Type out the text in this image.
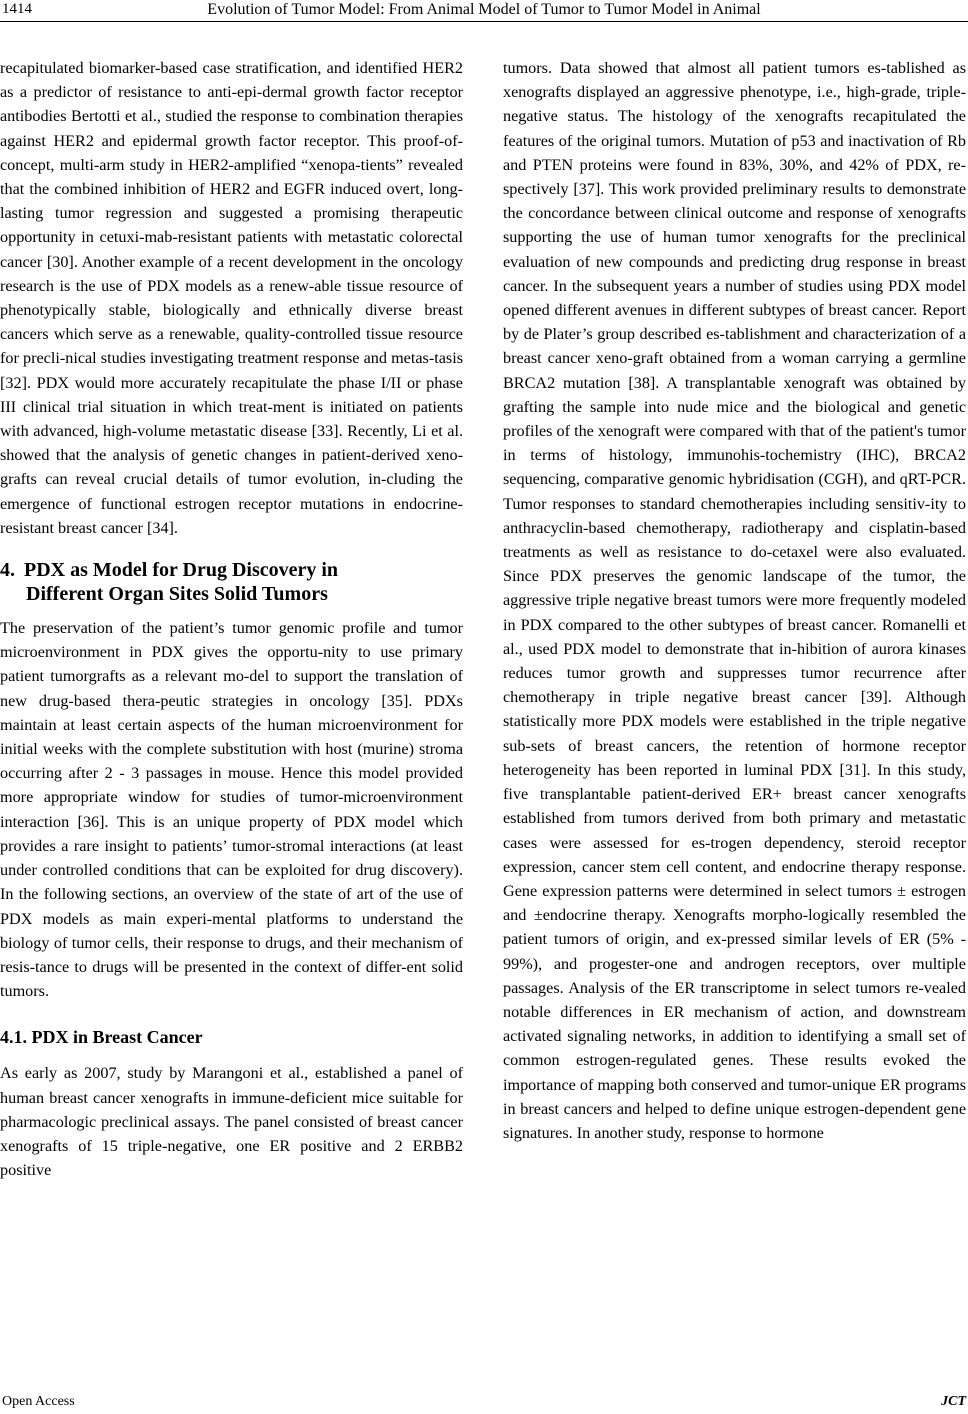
1414	Evolution of Tumor Model: From Animal Model of Tumor to Tumor Model in Animal

recapitulated biomarker-based case stratification, and identified HER2 as a predictor of resistance to anti-epi-dermal growth factor receptor antibodies Bertotti et al., studied the response to combination therapies against HER2 and epidermal growth factor receptor. This proof-of-concept, multi-arm study in HER2-amplified “xenopa-tients” revealed that the combined inhibition of HER2 and EGFR induced overt, long-lasting tumor regression and suggested a promising therapeutic opportunity in cetuxi-mab-resistant patients with metastatic colorectal cancer [30]. Another example of a recent development in the oncology research is the use of PDX models as a renew-able tissue resource of phenotypically stable, biologically and ethnically diverse breast cancers which serve as a renewable, quality-controlled tissue resource for precli-nical studies investigating treatment response and metas-tasis [32]. PDX would more accurately recapitulate the phase I/II or phase III clinical trial situation in which treat-ment is initiated on patients with advanced, high-volume metastatic disease [33]. Recently, Li et al. showed that the analysis of genetic changes in patient-derived xeno-grafts can reveal crucial details of tumor evolution, in-cluding the emergence of functional estrogen receptor mutations in endocrine-resistant breast cancer [34].

4. PDX as Model for Drug Discovery in
Different Organ Sites Solid Tumors

The preservation of the patient’s tumor genomic profile and tumor microenvironment in PDX gives the opportu-nity to use primary patient tumorgrafts as a relevant mo-del to support the translation of new drug-based thera-peutic strategies in oncology [35]. PDXs maintain at least certain aspects of the human microenvironment for initial weeks with the complete substitution with host (murine) stroma occurring after 2 - 3 passages in mouse. Hence this model provided more appropriate window for studies of tumor-microenvironment interaction [36]. This is an unique property of PDX model which provides a rare insight to patients’ tumor-stromal interactions (at least under controlled conditions that can be exploited for drug discovery). In the following sections, an overview of the state of art of the use of PDX models as main experi-mental platforms to understand the biology of tumor cells, their response to drugs, and their mechanism of resis-tance to drugs will be presented in the context of differ-ent solid tumors.

4.1. PDX in Breast Cancer

As early as 2007, study by Marangoni et al., established a panel of human breast cancer xenografts in immune-deficient mice suitable for pharmacologic preclinical assays. The panel consisted of breast cancer xenografts of 15 triple-negative, one ER positive and 2 ERBB2 positive

tumors. Data showed that almost all patient tumors es-tablished as xenografts displayed an aggressive phenotype, i.e., high-grade, triple-negative status. The histology of the xenografts recapitulated the features of the original tumors. Mutation of p53 and inactivation of Rb and PTEN proteins were found in 83%, 30%, and 42% of PDX, re-spectively [37]. This work provided preliminary results to demonstrate the concordance between clinical outcome and response of xenografts supporting the use of human tumor xenografts for the preclinical evaluation of new compounds and predicting drug response in breast cancer. In the subsequent years a number of studies using PDX model opened different avenues in different subtypes of breast cancer. Report by de Plater’s group described es-tablishment and characterization of a breast cancer xeno-graft obtained from a woman carrying a germline BRCA2 mutation [38]. A transplantable xenograft was obtained by grafting the sample into nude mice and the biological and genetic profiles of the xenograft were compared with that of the patient's tumor in terms of histology, immunohis-tochemistry (IHC), BRCA2 sequencing, comparative genomic hybridisation (CGH), and qRT-PCR. Tumor responses to standard chemotherapies including sensitiv-ity to anthracyclin-based chemotherapy, radiotherapy and cisplatin-based treatments as well as resistance to do-cetaxel were also evaluated. Since PDX preserves the genomic landscape of the tumor, the aggressive triple negative breast tumors were more frequently modeled in PDX compared to the other subtypes of breast cancer. Romanelli et al., used PDX model to demonstrate that in-hibition of aurora kinases reduces tumor growth and suppresses tumor recurrence after chemotherapy in triple negative breast cancer [39]. Although statistically more PDX models were established in the triple negative sub-sets of breast cancers, the retention of hormone receptor heterogeneity has been reported in luminal PDX [31]. In this study, five transplantable patient-derived ER+ breast cancer xenografts established from tumors derived from both primary and metastatic cases were assessed for es-trogen dependency, steroid receptor expression, cancer stem cell content, and endocrine therapy response. Gene expression patterns were determined in select tumors ± estrogen and ±endocrine therapy. Xenografts morpho-logically resembled the patient tumors of origin, and ex-pressed similar levels of ER (5% - 99%), and progester-one and androgen receptors, over multiple passages. Analysis of the ER transcriptome in select tumors re-vealed notable differences in ER mechanism of action, and downstream activated signaling networks, in addition to identifying a small set of common estrogen-regulated genes. These results evoked the importance of mapping both conserved and tumor-unique ER programs in breast cancers and helped to define unique estrogen-dependent gene signatures. In another study, response to hormone

Open Access	JCT
